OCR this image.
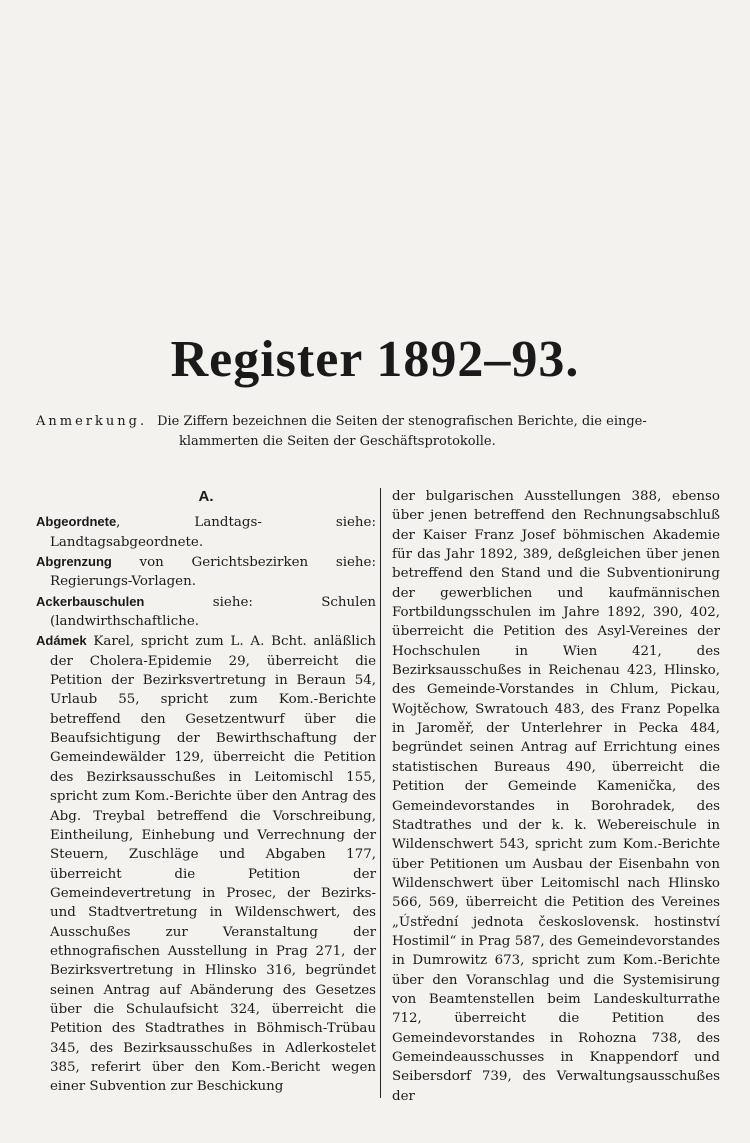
Register 1892–93.
Anmerkung. Die Ziffern bezeichnen die Seiten der stenografischen Berichte, die einge-
klammerten die Seiten der Geschäftsprotokolle.
A.

Abgeordnete, Landtags- siehe: Landtagsabgeordnete.

Abgrenzung von Gerichtsbezirken siehe: Regierungs-Vorlagen.

Ackerbauschulen siehe: Schulen (landwirthschaftliche.

Adámek Karel, spricht zum L. A. Bcht. anläßlich der Cholera-Epidemie 29, überreicht die Petition der Bezirksvertretung in Beraun 54, Urlaub 55, spricht zum Kom.-Berichte betreffend den Gesetzentwurf über die Beaufsichtigung der Bewirthschaftung der Gemeindewälder 129, überreicht die Petition des Bezirksausschußes in Leitomischl 155, spricht zum Kom.-Berichte über den Antrag des Abg. Treybal betreffend die Vorschreibung, Eintheilung, Einhebung und Verrechnung der Steuern, Zuschläge und Abgaben 177, überreicht die Petition der Gemeindevertretung in Prosec, der Bezirks- und Stadtvertretung in Wildenschwert, des Ausschußes zur Veranstaltung der ethnografischen Ausstellung in Prag 271, der Bezirksvertretung in Hlinsko 316, begründet seinen Antrag auf Abänderung des Gesetzes über die Schulaufsicht 324, überreicht die Petition des Stadtrathes in Böhmisch-Trübau 345, des Bezirksausschußes in Adlerkostelet 385, referirt über den Kom.-Bericht wegen einer Subvention zur Beschickung

der bulgarischen Ausstellungen 388, ebenso über jenen betreffend den Rechnungsabschluß der Kaiser Franz Josef böhmischen Akademie für das Jahr 1892, 389, deßgleichen über jenen betreffend den Stand und die Subventionirung der gewerblichen und kaufmännischen Fortbildungsschulen im Jahre 1892, 390, 402, überreicht die Petition des Asyl-Vereines der Hochschulen in Wien 421, des Bezirksausschußes in Reichenau 423, Hlinsko, des Gemeinde-Vorstandes in Chlum, Pickau, Wojtěchow, Swratouch 483, des Franz Popelka in Jaroměř, der Unterlehrer in Pecka 484, begründet seinen Antrag auf Errichtung eines statistischen Bureaus 490, überreicht die Petition der Gemeinde Kamenička, des Gemeindevorstandes in Borohradek, des Stadtrathes und der k. k. Webereischule in Wildenschwert 543, spricht zum Kom.-Berichte über Petitionen um Ausbau der Eisenbahn von Wildenschwert über Leitomischl nach Hlinsko 566, 569, überreicht die Petition des Vereines „Ústřední jednota československ. hostinství Hostimil“ in Prag 587, des Gemeindevorstandes in Dumrowitz 673, spricht zum Kom.-Berichte über den Voranschlag und die Systemisirung von Beamtenstellen beim Landeskulturrathe 712, überreicht die Petition des Gemeindevorstandes in Rohozna 738, des Gemeindeausschusses in Knappendorf und Seibersdorf 739, des Verwaltungsausschußes der
